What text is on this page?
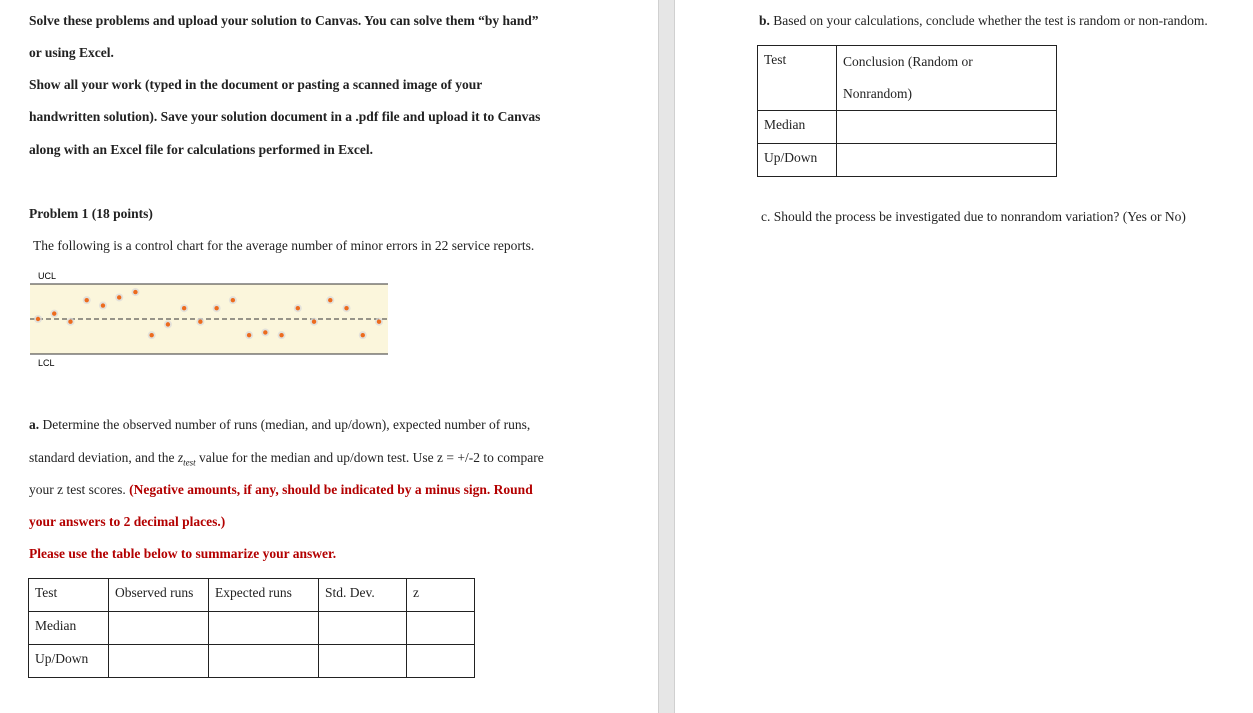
Solve these problems and upload your solution to Canvas. You can solve them “by hand”
or using Excel.
Show all your work (typed in the document or pasting a scanned image of your
handwritten solution). Save your solution document in a .pdf file and upload it to Canvas
along with an Excel file for calculations performed in Excel.
Problem 1 (18 points)
The following is a control chart for the average number of minor errors in 22 service reports.
UCL
LCL
a. Determine the observed number of runs (median, and up/down), expected number of runs,
standard deviation, and the $z_{test}$ value for the median and up/down test. Use z = +/-2 to compare
your z test scores. (Negative amounts, if any, should be indicated by a minus sign. Round
your answers to 2 decimal places.)
Please use the table below to summarize your answer.
Test	Observed runs	Expected runs	Std. Dev.	z
Median				
Up/Down				
b. Based on your calculations, conclude whether the test is random or non-random.
Test	Conclusion (Random or
Nonrandom)
Median	
Up/Down	
c. Should the process be investigated due to nonrandom variation? (Yes or No)
